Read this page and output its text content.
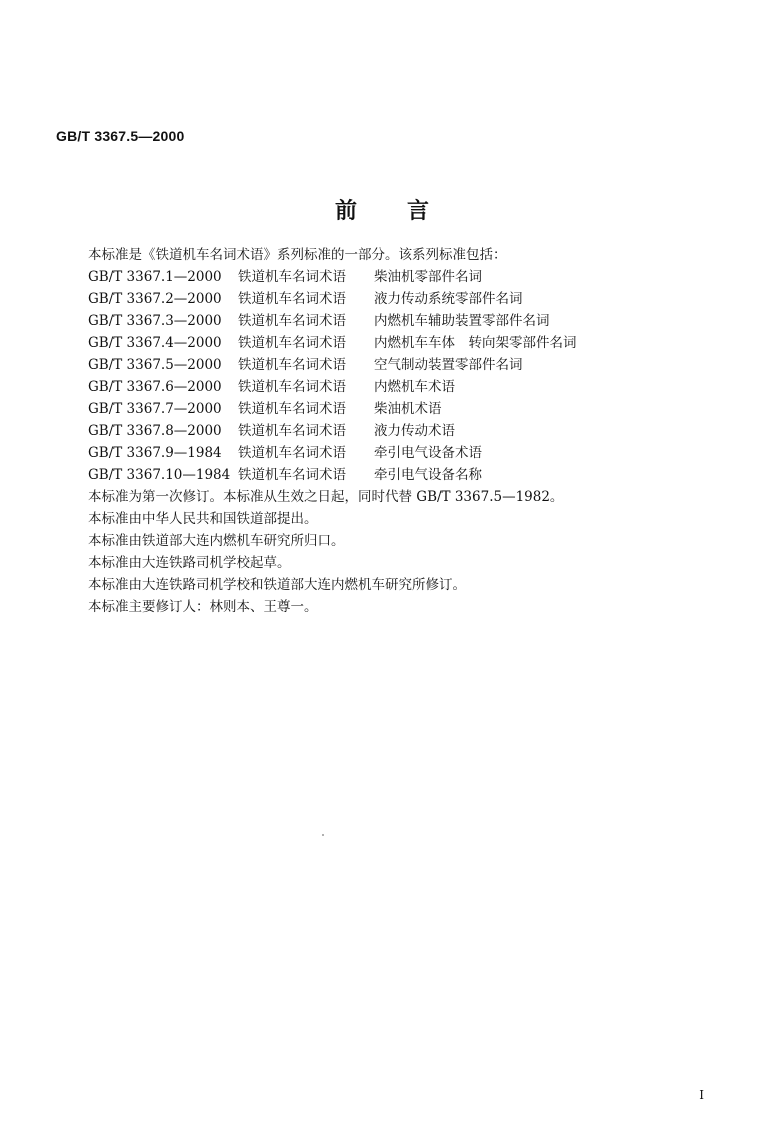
GB/T 3367.5—2000
前言
本标准是《铁道机车名词术语》系列标准的一部分。该系列标准包括：
GB/T 3367.1—2000 铁道机车名词术语 柴油机零部件名词
GB/T 3367.2—2000 铁道机车名词术语 液力传动系统零部件名词
GB/T 3367.3—2000 铁道机车名词术语 内燃机车辅助装置零部件名词
GB/T 3367.4—2000 铁道机车名词术语 内燃机车车体　转向架零部件名词
GB/T 3367.5—2000 铁道机车名词术语 空气制动装置零部件名词
GB/T 3367.6—2000 铁道机车名词术语 内燃机车术语
GB/T 3367.7—2000 铁道机车名词术语 柴油机术语
GB/T 3367.8—2000 铁道机车名词术语 液力传动术语
GB/T 3367.9—1984 铁道机车名词术语 牵引电气设备术语
GB/T 3367.10—1984 铁道机车名词术语 牵引电气设备名称
本标准为第一次修订。本标准从生效之日起，同时代替 GB/T 3367.5—1982。
本标准由中华人民共和国铁道部提出。
本标准由铁道部大连内燃机车研究所归口。
本标准由大连铁路司机学校起草。
本标准由大连铁路司机学校和铁道部大连内燃机车研究所修订。
本标准主要修订人：林则本、王尊一。
I
